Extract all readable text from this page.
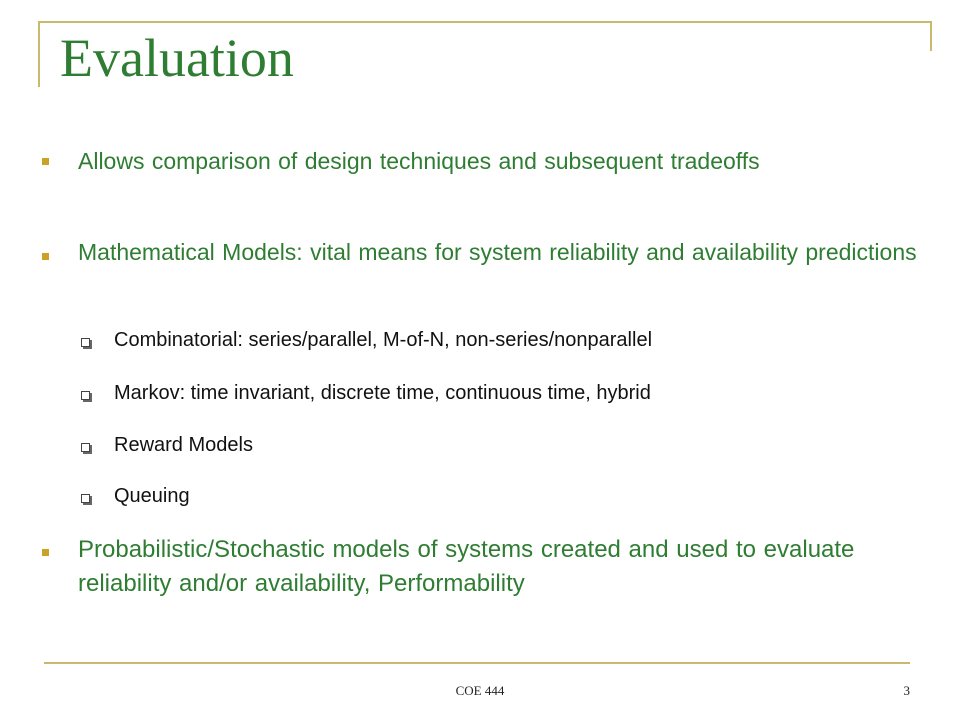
Evaluation
Allows comparison of design techniques and subsequent tradeoffs
Mathematical Models: vital means for system reliability and availability predictions
Combinatorial: series/parallel, M-of-N, non-series/nonparallel
Markov: time invariant, discrete time, continuous time, hybrid
Reward Models
Queuing
Probabilistic/Stochastic models of systems created and used to evaluate reliability and/or availability, Performability
COE 444	3
